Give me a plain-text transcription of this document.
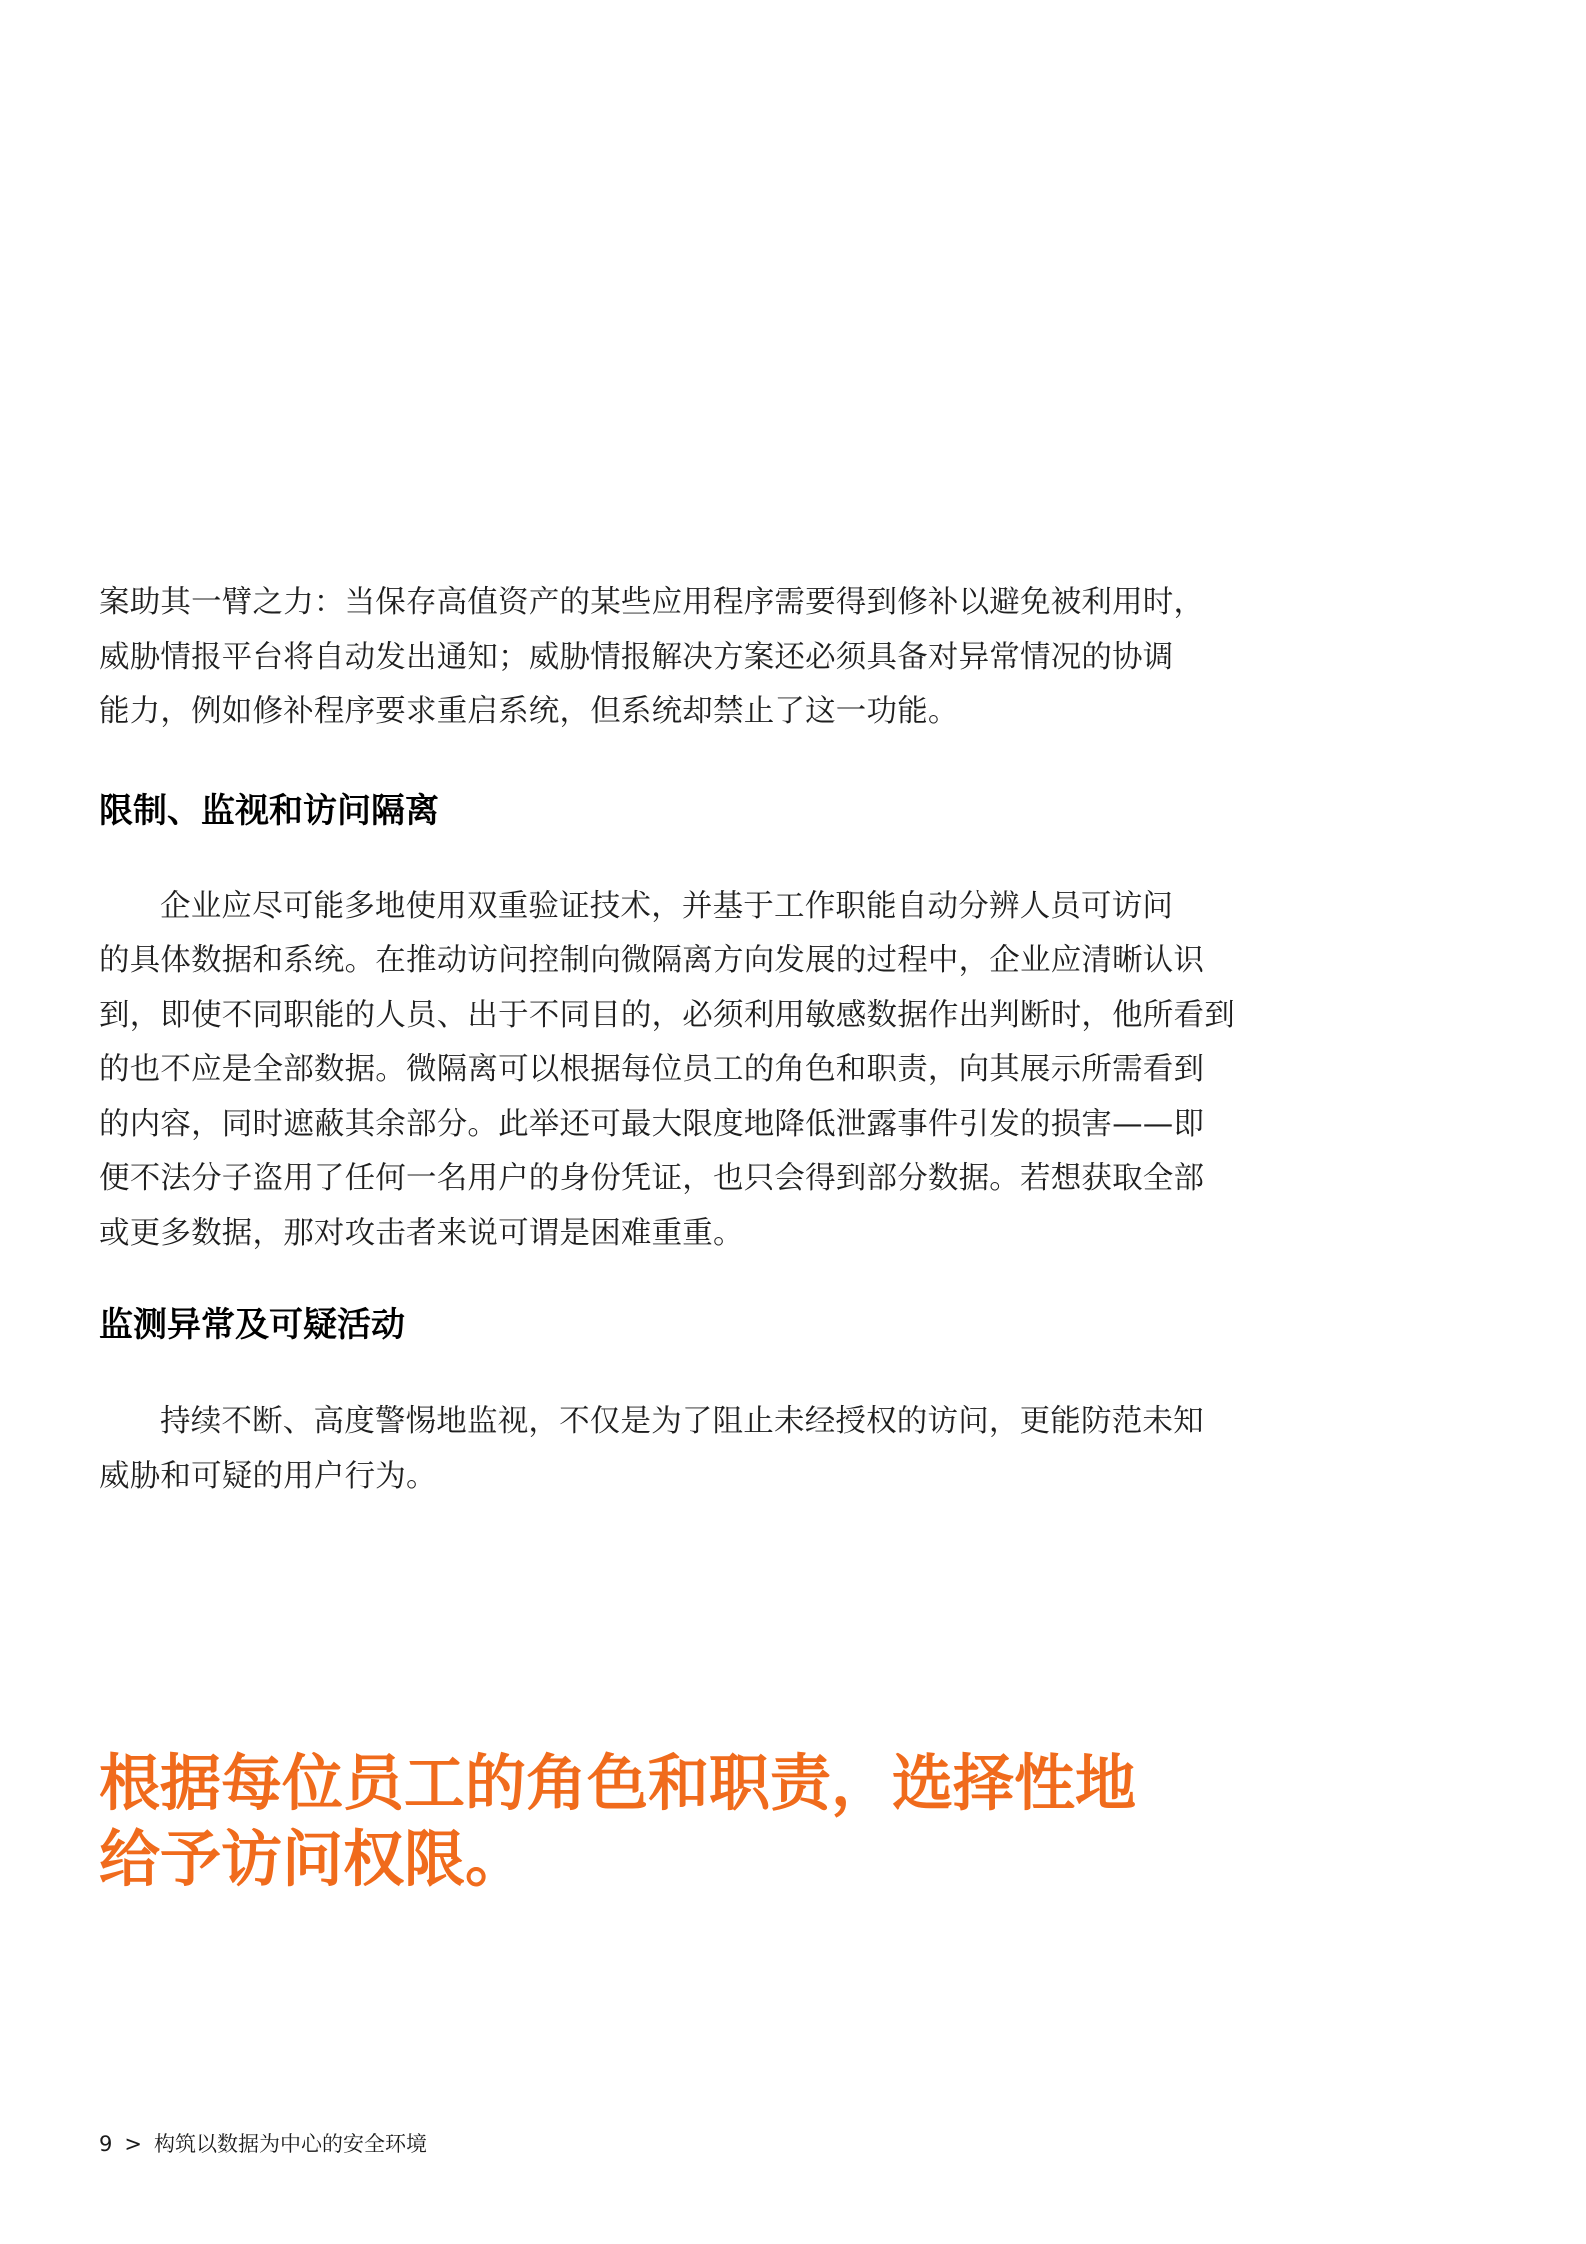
案助其一臂之力：当保存高值资产的某些应用程序需要得到修补以避免被利用时，
威胁情报平台将自动发出通知；威胁情报解决方案还必须具备对异常情况的协调
能力，例如修补程序要求重启系统，但系统却禁止了这一功能。
限制、监视和访问隔离
企业应尽可能多地使用双重验证技术，并基于工作职能自动分辨人员可访问
的具体数据和系统。在推动访问控制向微隔离方向发展的过程中，企业应清晰认识
到，即使不同职能的人员、出于不同目的，必须利用敏感数据作出判断时，他所看到
的也不应是全部数据。微隔离可以根据每位员工的角色和职责，向其展示所需看到
的内容，同时遮蔽其余部分。此举还可最大限度地降低泄露事件引发的损害——即
便不法分子盗用了任何一名用户的身份凭证，也只会得到部分数据。若想获取全部
或更多数据，那对攻击者来说可谓是困难重重。
监测异常及可疑活动
持续不断、高度警惕地监视，不仅是为了阻止未经授权的访问，更能防范未知
威胁和可疑的用户行为。
根据每位员工的角色和职责，选择性地
给予访问权限。
9 > 构筑以数据为中心的安全环境
